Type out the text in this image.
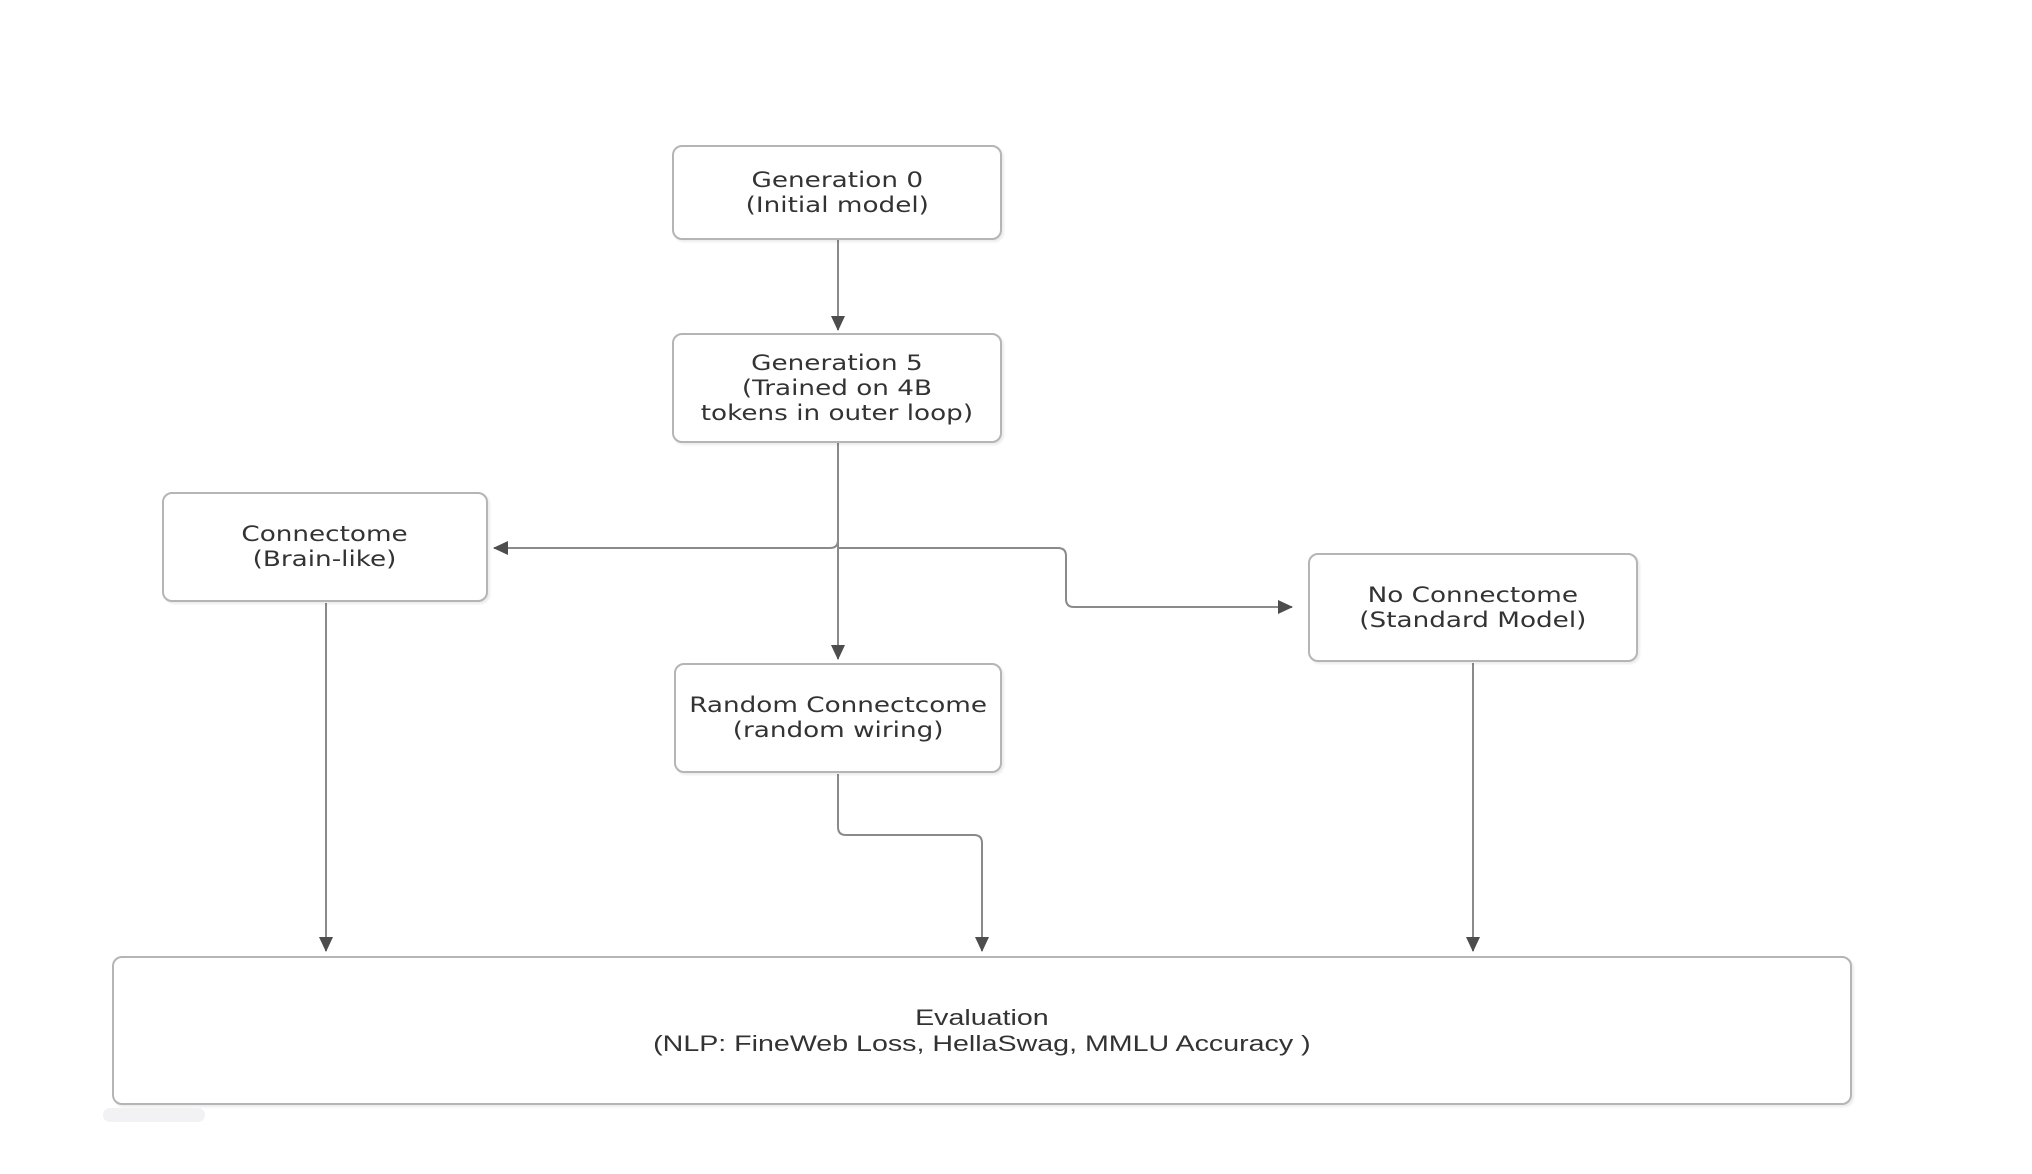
Generation 0
(Initial model)
Generation 5
(Trained on 4B
tokens in outer loop)
Connectome
(Brain-like)
No Connectome
(Standard Model)
Random Connectcome
(random wiring)
Evaluation
(NLP: FineWeb Loss, HellaSwag, MMLU Accuracy )
